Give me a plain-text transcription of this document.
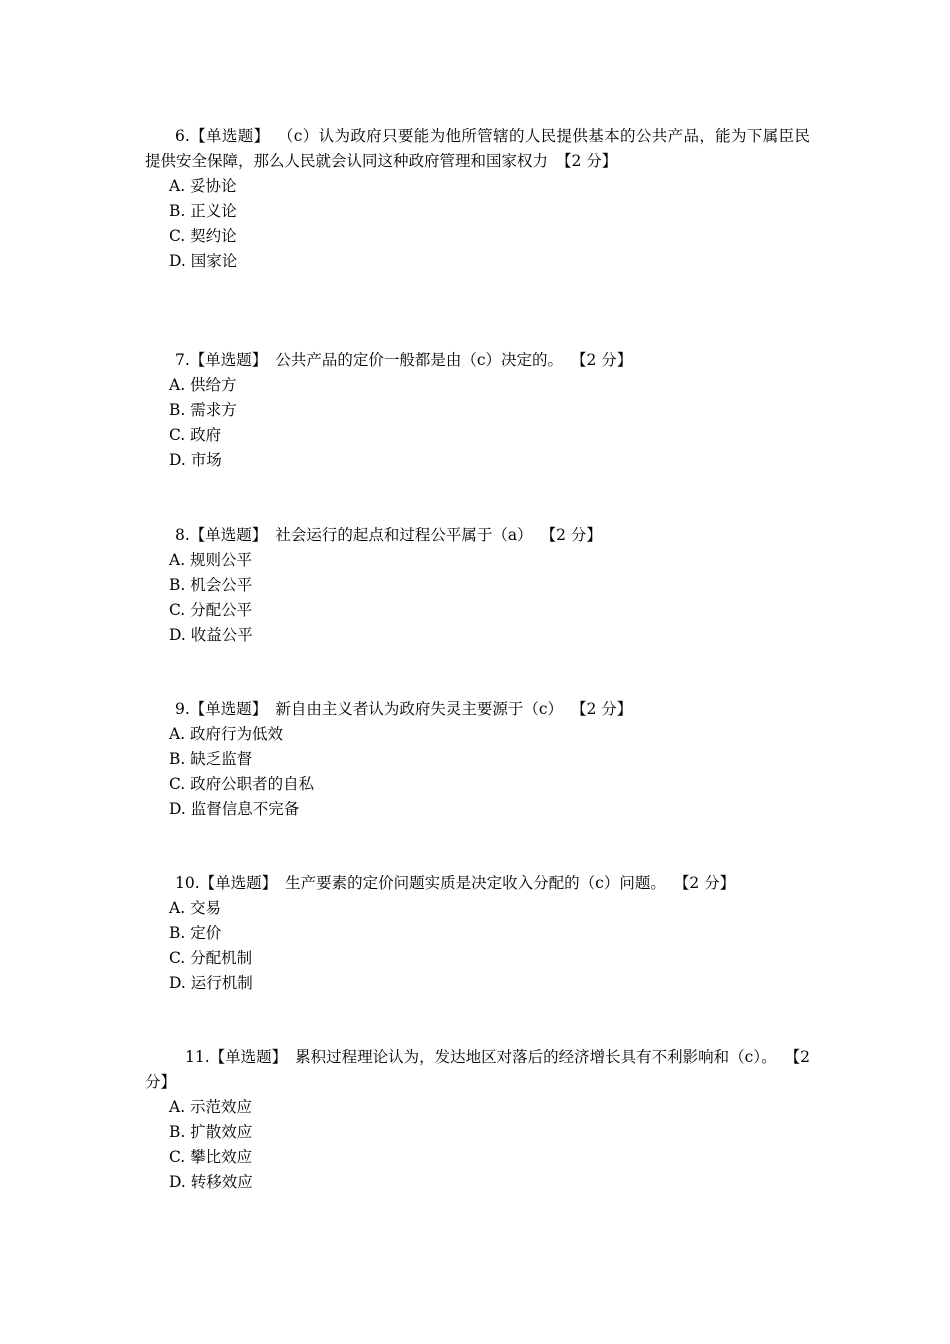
6.【单选题】 （c）认为政府只要能为他所管辖的人民提供基本的公共产品，能为下属臣民提供安全保障，那么人民就会认同这种政府管理和国家权力 【2 分】

A. 妥协论
B. 正义论
C. 契约论
D. 国家论

7.【单选题】 公共产品的定价一般都是由（c）决定的。 【2 分】

A. 供给方
B. 需求方
C. 政府
D. 市场

8.【单选题】 社会运行的起点和过程公平属于（a） 【2 分】

A. 规则公平
B. 机会公平
C. 分配公平
D. 收益公平

9.【单选题】 新自由主义者认为政府失灵主要源于（c） 【2 分】

A. 政府行为低效
B. 缺乏监督
C. 政府公职者的自私
D. 监督信息不完备

10.【单选题】 生产要素的定价问题实质是决定收入分配的（c）问题。 【2 分】

A. 交易
B. 定价
C. 分配机制
D. 运行机制

11.【单选题】 累积过程理论认为，发达地区对落后的经济增长具有不利影响和（c）。 【2 分】

A. 示范效应
B. 扩散效应
C. 攀比效应
D. 转移效应
